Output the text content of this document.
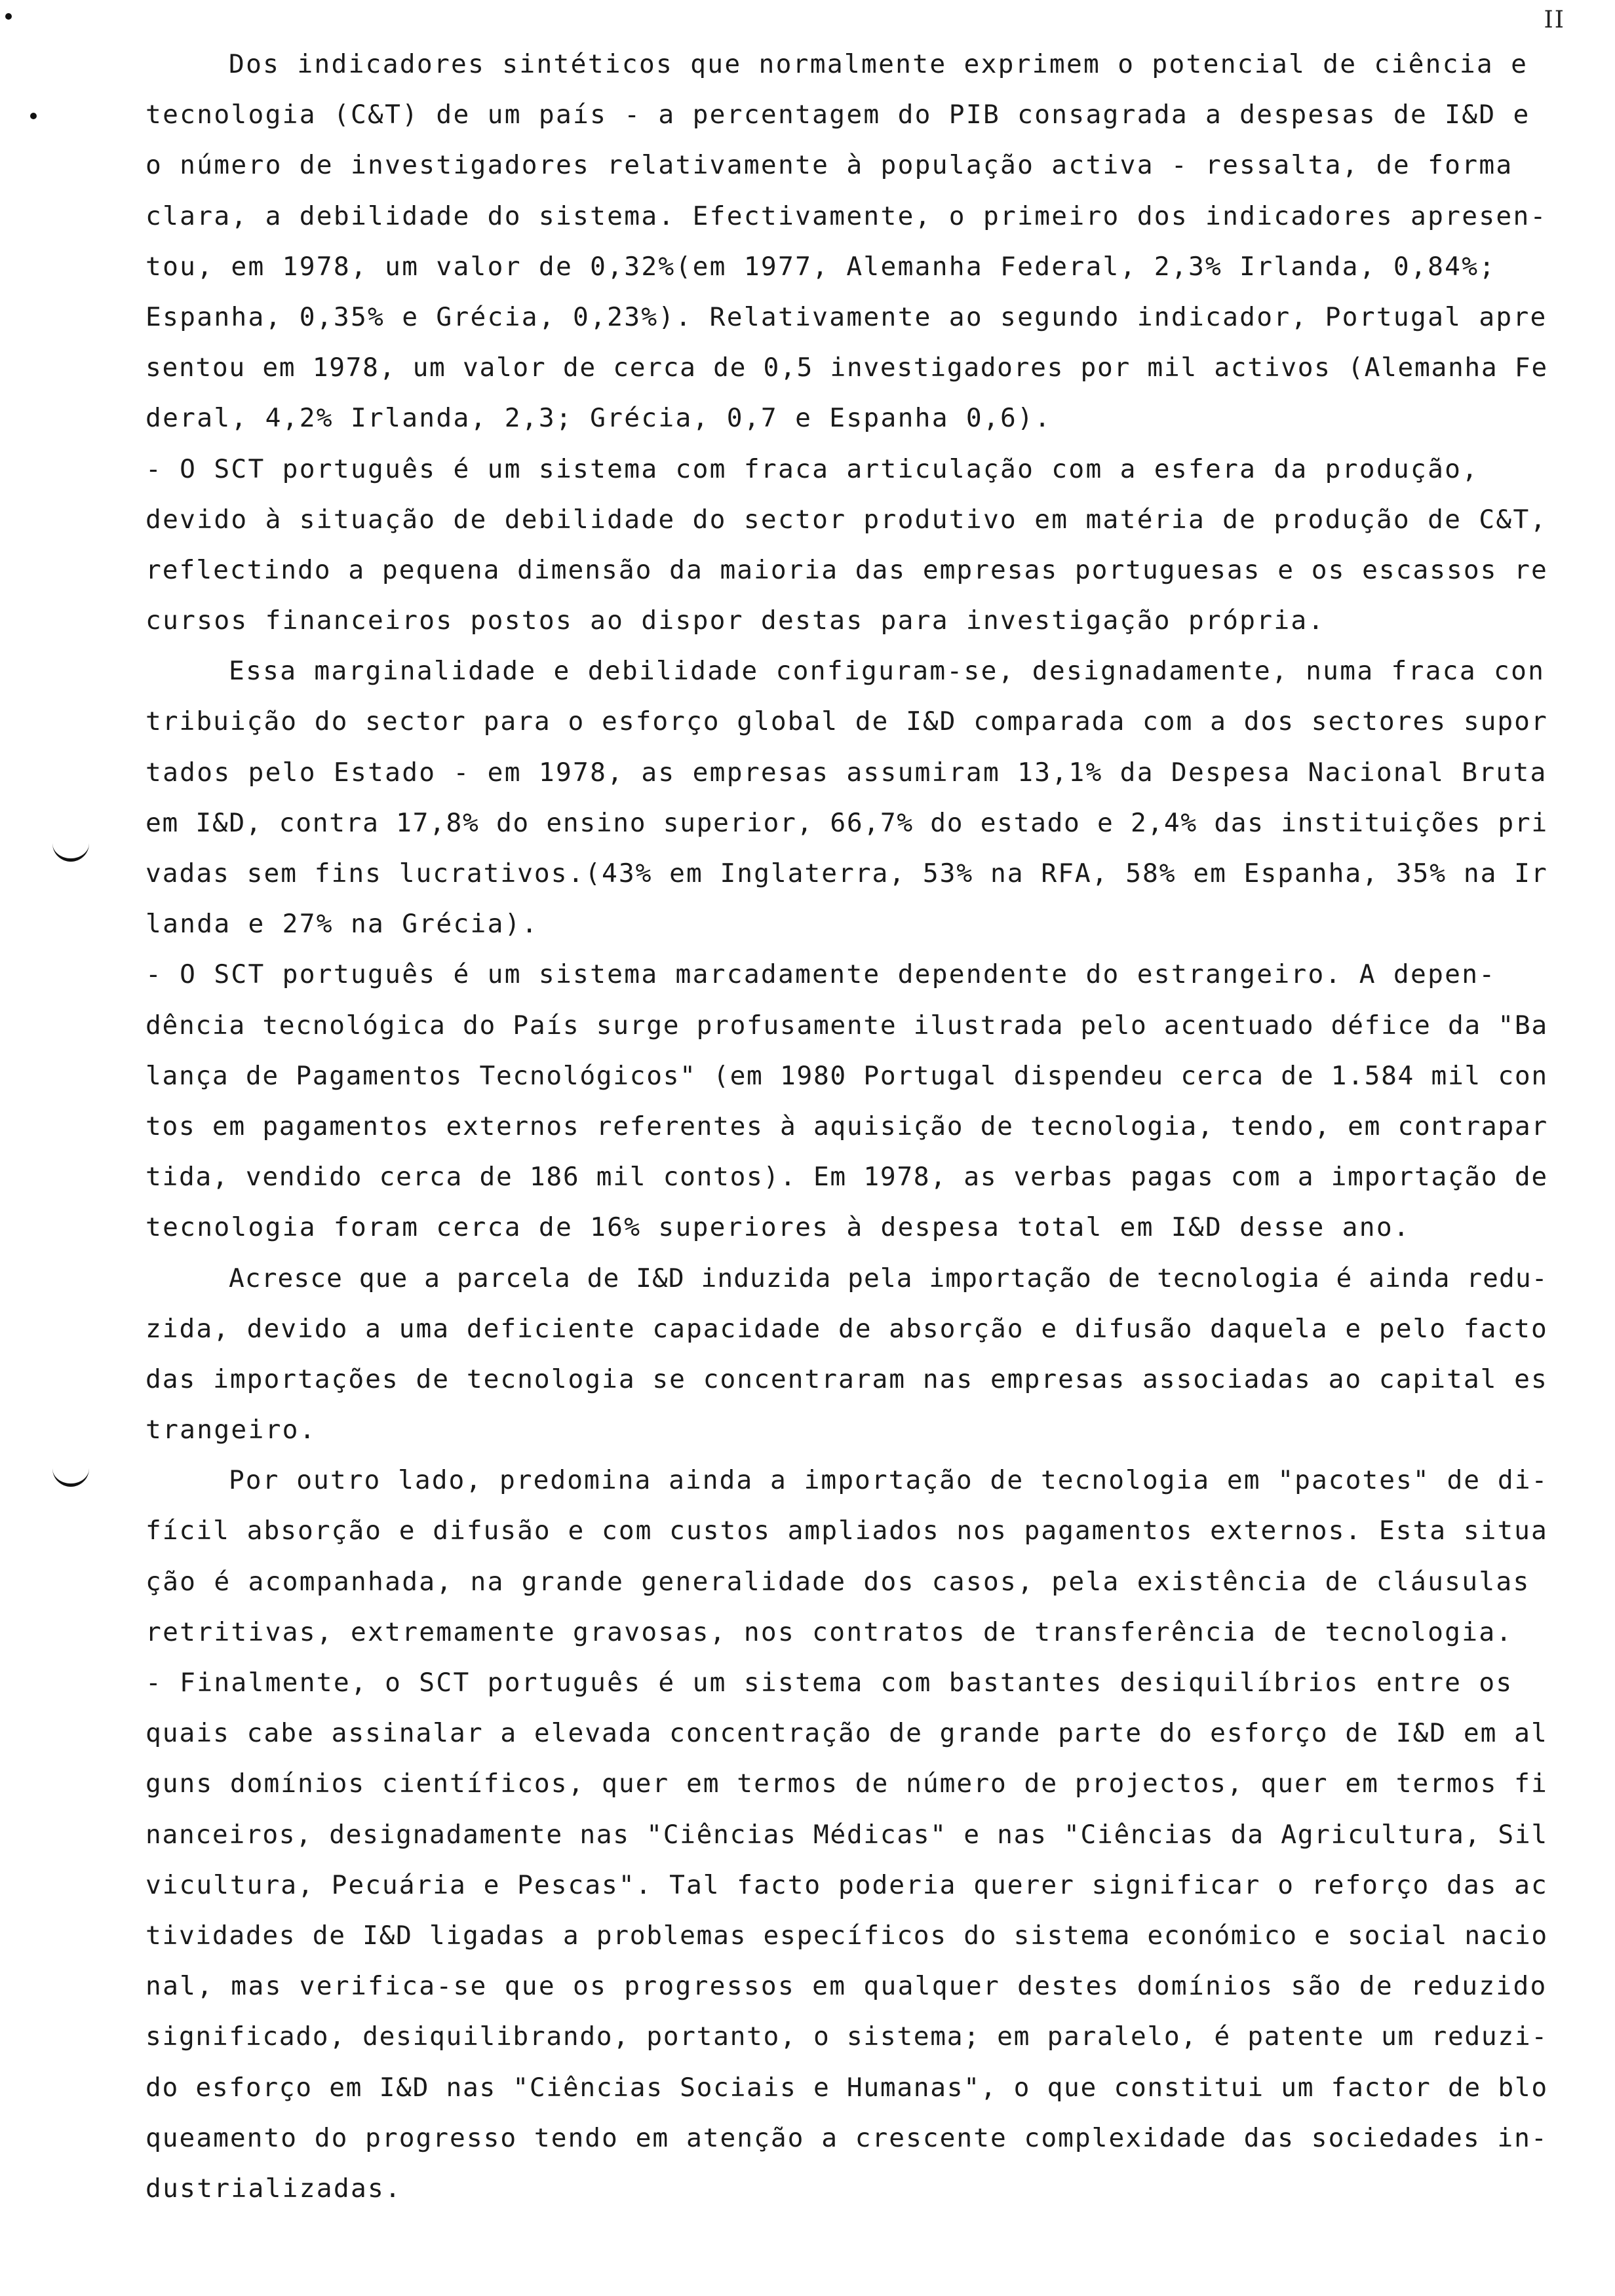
II
Dos indicadores sintéticos que normalmente exprimem o potencial de ciência e
tecnologia (C&T) de um país - a percentagem do PIB consagrada a despesas de I&D e
o número de investigadores relativamente à população activa - ressalta, de forma
clara, a debilidade do sistema. Efectivamente, o primeiro dos indicadores apresen-
tou, em 1978, um valor de 0,32%(em 1977, Alemanha Federal, 2,3% Irlanda, 0,84%;
Espanha, 0,35% e Grécia, 0,23%). Relativamente ao segundo indicador, Portugal apre
sentou em 1978, um valor de cerca de 0,5 investigadores por mil activos (Alemanha Fe
deral, 4,2% Irlanda, 2,3; Grécia, 0,7 e Espanha 0,6).
- O SCT português é um sistema com fraca articulação com a esfera da produção,
devido à situação de debilidade do sector produtivo em matéria de produção de C&T,
reflectindo a pequena dimensão da maioria das empresas portuguesas e os escassos re
cursos financeiros postos ao dispor destas para investigação própria.
Essa marginalidade e debilidade configuram-se, designadamente, numa fraca con
tribuição do sector para o esforço global de I&D comparada com a dos sectores supor
tados pelo Estado - em 1978, as empresas assumiram 13,1% da Despesa Nacional Bruta
em I&D, contra 17,8% do ensino superior, 66,7% do estado e 2,4% das instituições pri
vadas sem fins lucrativos.(43% em Inglaterra, 53% na RFA, 58% em Espanha, 35% na Ir
landa e 27% na Grécia).
- O SCT português é um sistema marcadamente dependente do estrangeiro. A depen-
dência tecnológica do País surge profusamente ilustrada pelo acentuado défice da "Ba
lança de Pagamentos Tecnológicos" (em 1980 Portugal dispendeu cerca de 1.584 mil con
tos em pagamentos externos referentes à aquisição de tecnologia, tendo, em contrapar
tida, vendido cerca de 186 mil contos). Em 1978, as verbas pagas com a importação de
tecnologia foram cerca de 16% superiores à despesa total em I&D desse ano.
Acresce que a parcela de I&D induzida pela importação de tecnologia é ainda redu-
zida, devido a uma deficiente capacidade de absorção e difusão daquela e pelo facto
das importações de tecnologia se concentraram nas empresas associadas ao capital es
trangeiro.
Por outro lado, predomina ainda a importação de tecnologia em "pacotes" de di-
fícil absorção e difusão e com custos ampliados nos pagamentos externos. Esta situa
ção é acompanhada, na grande generalidade dos casos, pela existência de cláusulas
retritivas, extremamente gravosas, nos contratos de transferência de tecnologia.
- Finalmente, o SCT português é um sistema com bastantes desiquilíbrios entre os
quais cabe assinalar a elevada concentração de grande parte do esforço de I&D em al
guns domínios científicos, quer em termos de número de projectos, quer em termos fi
nanceiros, designadamente nas "Ciências Médicas" e nas "Ciências da Agricultura, Sil
vicultura, Pecuária e Pescas". Tal facto poderia querer significar o reforço das ac
tividades de I&D ligadas a problemas específicos do sistema económico e social nacio
nal, mas verifica-se que os progressos em qualquer destes domínios são de reduzido
significado, desiquilibrando, portanto, o sistema; em paralelo, é patente um reduzi-
do esforço em I&D nas "Ciências Sociais e Humanas", o que constitui um factor de blo
queamento do progresso tendo em atenção a crescente complexidade das sociedades in-
dustrializadas.
